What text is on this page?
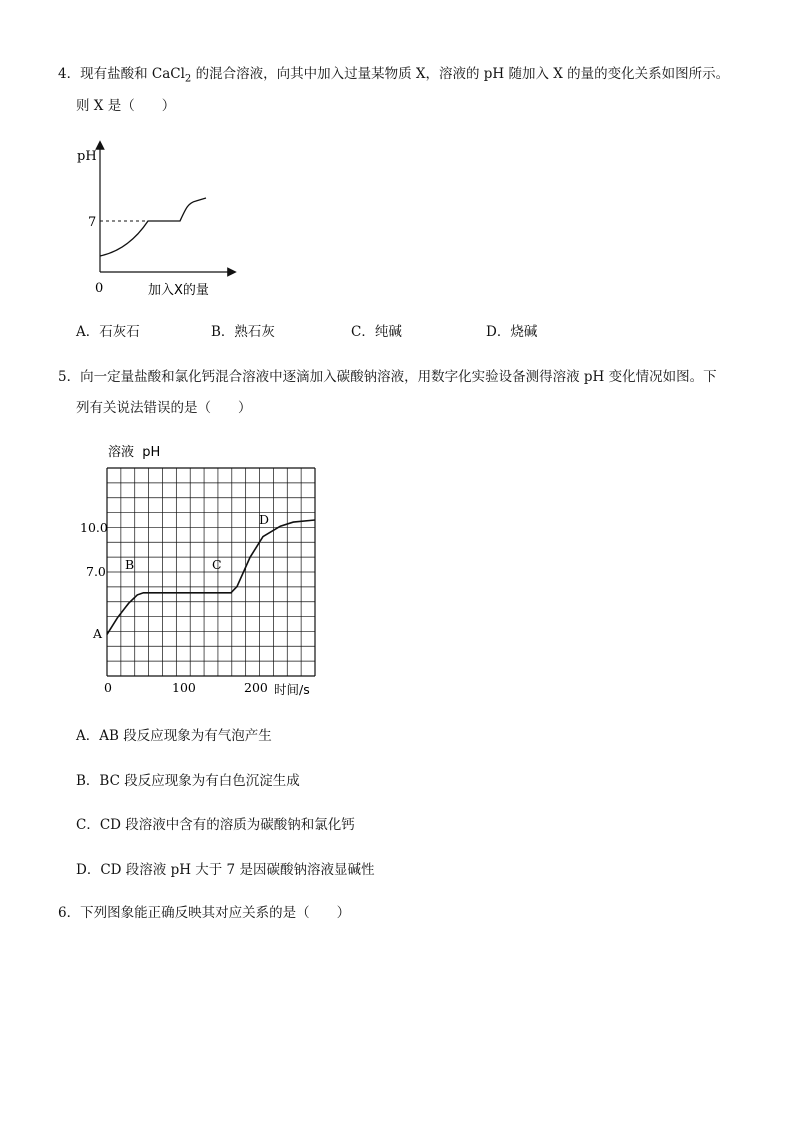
4．现有盐酸和 CaCl$_2$ 的混合溶液，向其中加入过量某物质 X，溶液的 pH 随加入 X 的量的变化关系如图所示。
则 X 是（　　）
pH
7
0	加入X的量
A．石灰石	B．熟石灰	C．纯碱	D．烧碱
5．向一定量盐酸和氯化钙混合溶液中逐滴加入碳酸钠溶液，用数字化实验设备测得溶液 pH 变化情况如图。下
列有关说法错误的是（　　）
溶液  pH
10.0
7.0
0	100	200 时间/s
A
B	C
D
A．AB 段反应现象为有气泡产生
B．BC 段反应现象为有白色沉淀生成
C．CD 段溶液中含有的溶质为碳酸钠和氯化钙
D．CD 段溶液 pH 大于 7 是因碳酸钠溶液显碱性
6．下列图象能正确反映其对应关系的是（　　）
